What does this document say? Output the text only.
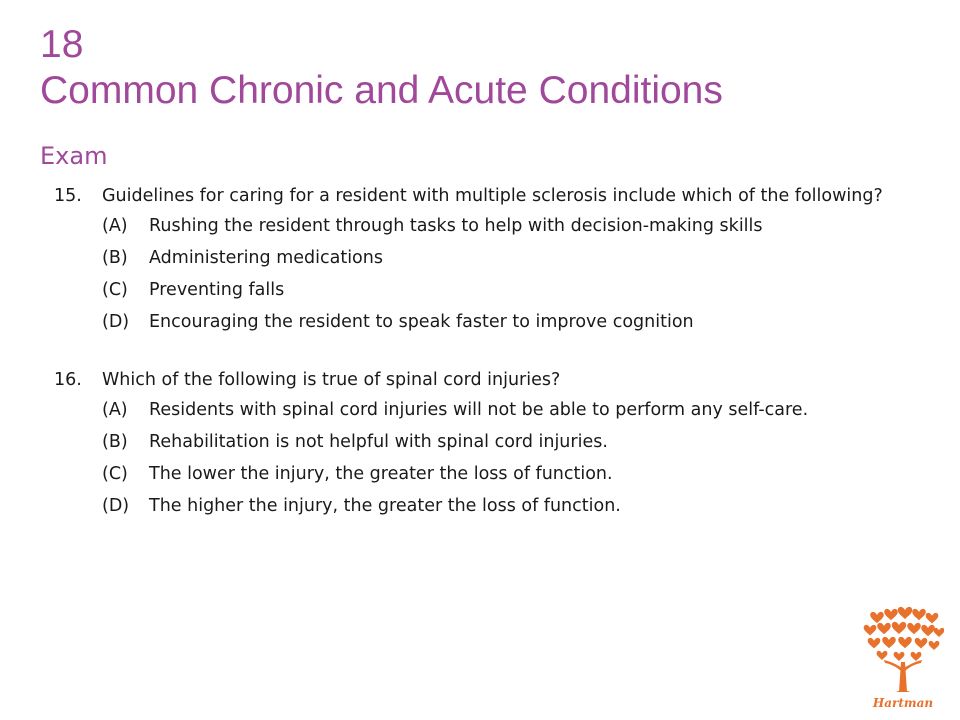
18
Common Chronic and Acute Conditions
Exam
15.	Guidelines for caring for a resident with multiple sclerosis include which of the following?
(A)	Rushing the resident through tasks to help with decision-making skills
(B)	Administering medications
(C)	Preventing falls
(D)	Encouraging the resident to speak faster to improve cognition
16.	Which of the following is true of spinal cord injuries?
(A)	Residents with spinal cord injuries will not be able to perform any self-care.
(B)	Rehabilitation is not helpful with spinal cord injuries.
(C)	The lower the injury, the greater the loss of function.
(D)	The higher the injury, the greater the loss of function.
Hartman
